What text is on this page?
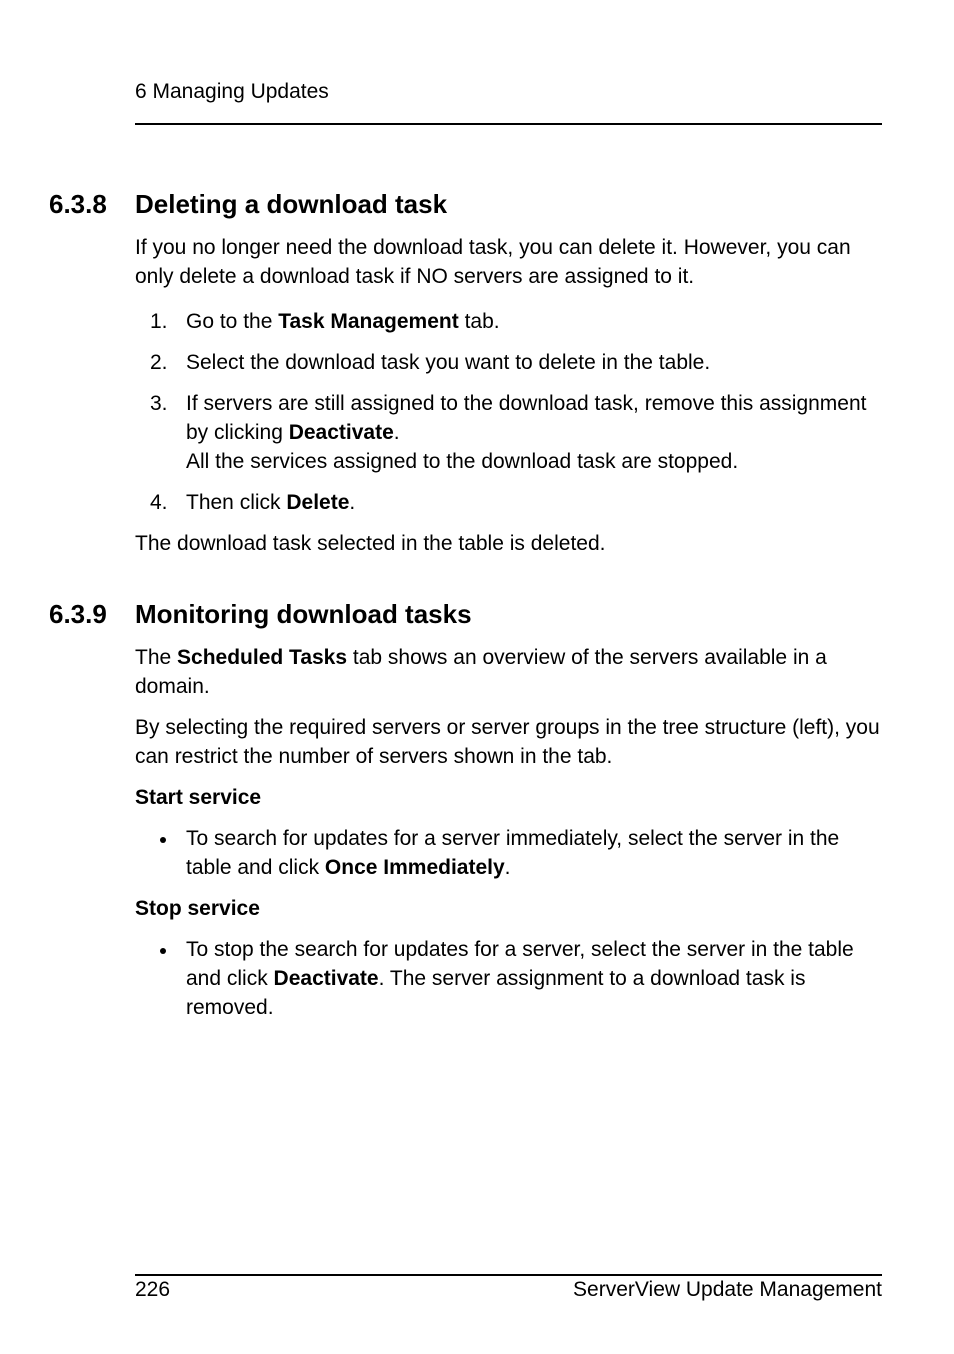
6 Managing Updates
6.3.8 Deleting a download task

If you no longer need the download task, you can delete it. However, you can only delete a download task if NO servers are assigned to it.

1. Go to the Task Management tab.
2. Select the download task you want to delete in the table.
3. If servers are still assigned to the download task, remove this assignment by clicking Deactivate.
All the services assigned to the download task are stopped.
4. Then click Delete.

The download task selected in the table is deleted.

6.3.9 Monitoring download tasks

The Scheduled Tasks tab shows an overview of the servers available in a domain.

By selecting the required servers or server groups in the tree structure (left), you can restrict the number of servers shown in the tab.

Start service

To search for updates for a server immediately, select the server in the table and click Once Immediately.

Stop service

To stop the search for updates for a server, select the server in the table and click Deactivate. The server assignment to a download task is removed.
226	ServerView Update Management
